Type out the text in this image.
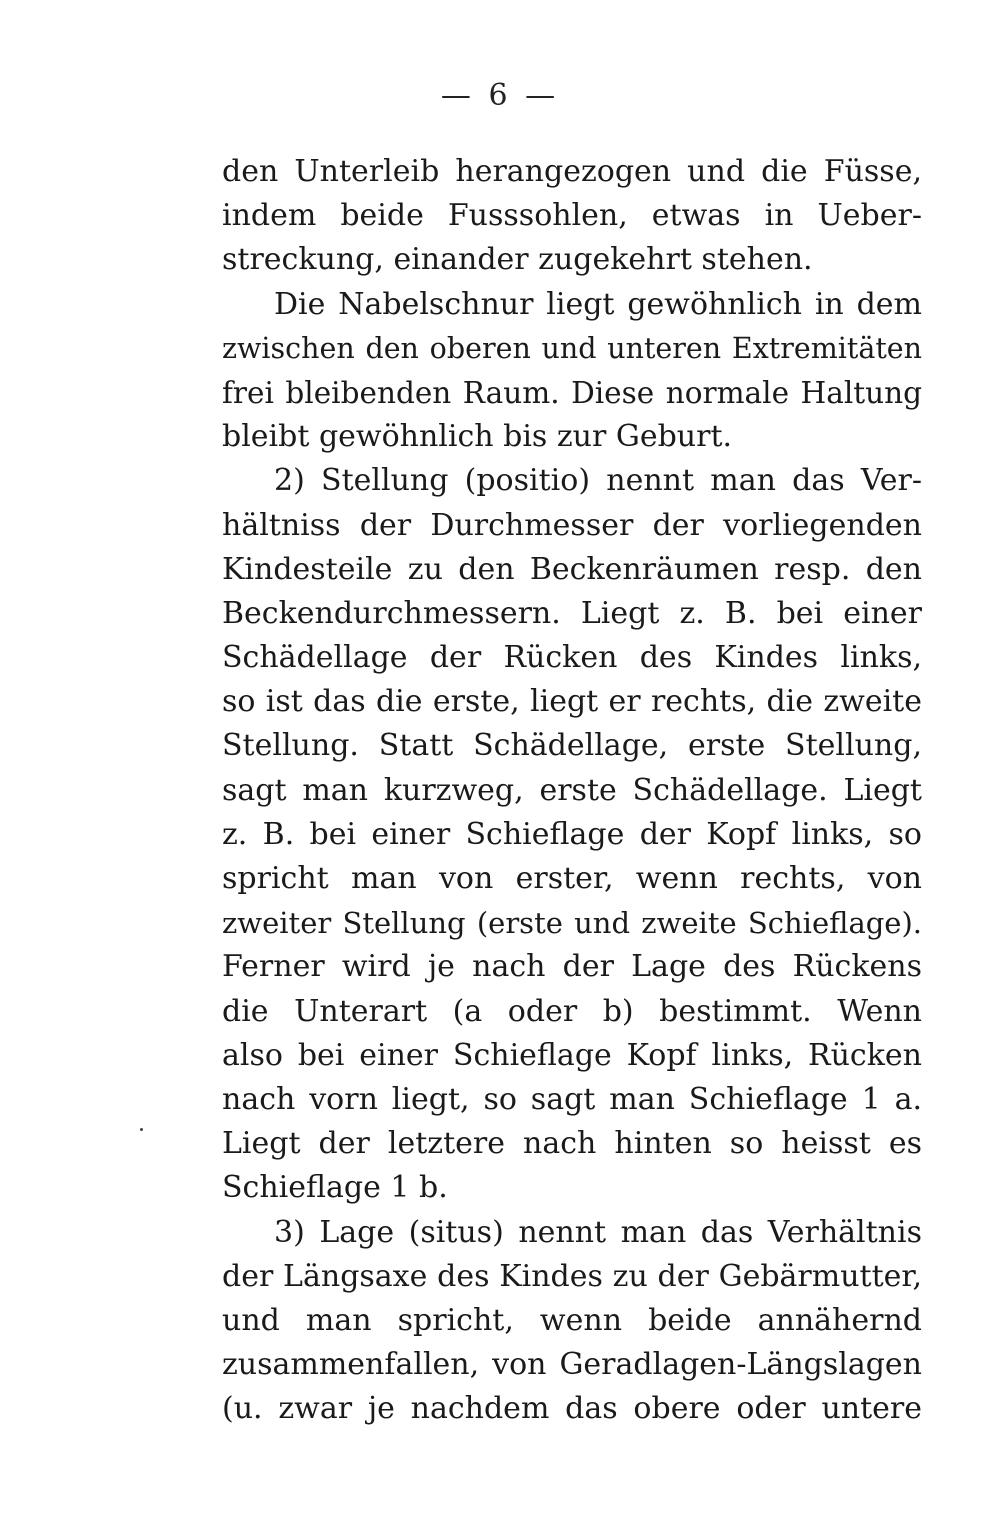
— 6 —
den Unterleib herangezogen und die Füsse,
indem beide Fusssohlen, etwas in Ueber-
streckung, einander zugekehrt stehen.
Die Nabelschnur liegt gewöhnlich in dem
zwischen den oberen und unteren Extremitäten
frei bleibenden Raum. Diese normale Haltung
bleibt gewöhnlich bis zur Geburt.
2) Stellung (positio) nennt man das Ver-
hältniss der Durchmesser der vorliegenden
Kindesteile zu den Beckenräumen resp. den
Beckendurchmessern. Liegt z. B. bei einer
Schädellage der Rücken des Kindes links,
so ist das die erste, liegt er rechts, die zweite
Stellung. Statt Schädellage, erste Stellung,
sagt man kurzweg, erste Schädellage. Liegt
z. B. bei einer Schieflage der Kopf links, so
spricht man von erster, wenn rechts, von
zweiter Stellung (erste und zweite Schieflage).
Ferner wird je nach der Lage des Rückens
die Unterart (a oder b) bestimmt. Wenn
also bei einer Schieflage Kopf links, Rücken
nach vorn liegt, so sagt man Schieflage 1 a.
Liegt der letztere nach hinten so heisst es
Schieflage 1 b.
3) Lage (situs) nennt man das Verhältnis
der Längsaxe des Kindes zu der Gebärmutter,
und man spricht, wenn beide annähernd
zusammenfallen, von Geradlagen-Längslagen
(u. zwar je nachdem das obere oder untere
